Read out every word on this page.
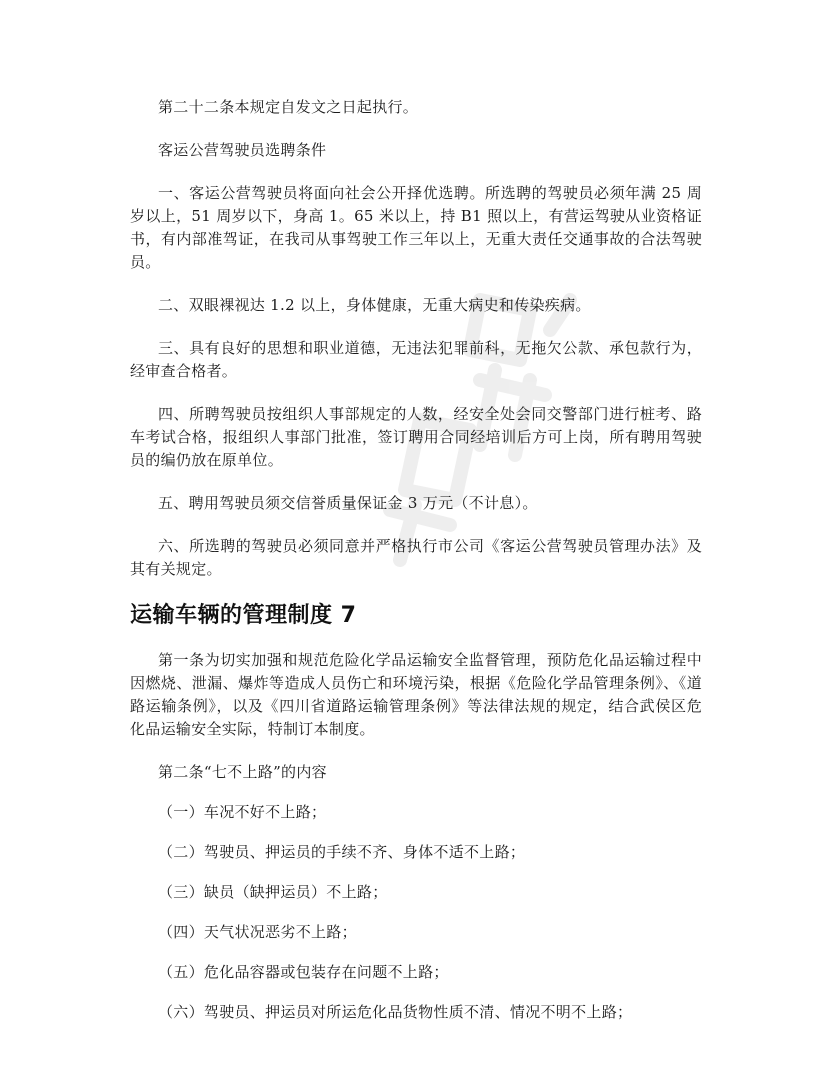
第二十二条本规定自发文之日起执行。

客运公营驾驶员选聘条件

一、客运公营驾驶员将面向社会公开择优选聘。所选聘的驾驶员必须年满 25 周岁以上，51 周岁以下，身高 1。65 米以上，持 B1 照以上，有营运驾驶从业资格证书，有内部准驾证，在我司从事驾驶工作三年以上，无重大责任交通事故的合法驾驶员。

二、双眼裸视达 1.2 以上，身体健康，无重大病史和传染疾病。

三、具有良好的思想和职业道德，无违法犯罪前科，无拖欠公款、承包款行为，经审查合格者。

四、所聘驾驶员按组织人事部规定的人数，经安全处会同交警部门进行桩考、路车考试合格，报组织人事部门批准，签订聘用合同经培训后方可上岗，所有聘用驾驶员的编仍放在原单位。

五、聘用驾驶员须交信誉质量保证金 3 万元（不计息）。

六、所选聘的驾驶员必须同意并严格执行市公司《客运公营驾驶员管理办法》及其有关规定。

运输车辆的管理制度 7

第一条为切实加强和规范危险化学品运输安全监督管理，预防危化品运输过程中因燃烧、泄漏、爆炸等造成人员伤亡和环境污染，根据《危险化学品管理条例》、《道路运输条例》，以及《四川省道路运输管理条例》等法律法规的规定，结合武侯区危化品运输安全实际，特制订本制度。

第二条“七不上路”的内容

（一）车况不好不上路；

（二）驾驶员、押运员的手续不齐、身体不适不上路；

（三）缺员（缺押运员）不上路；

（四）天气状况恶劣不上路；

（五）危化品容器或包装存在问题不上路；

（六）驾驶员、押运员对所运危化品货物性质不清、情况不明不上路；
